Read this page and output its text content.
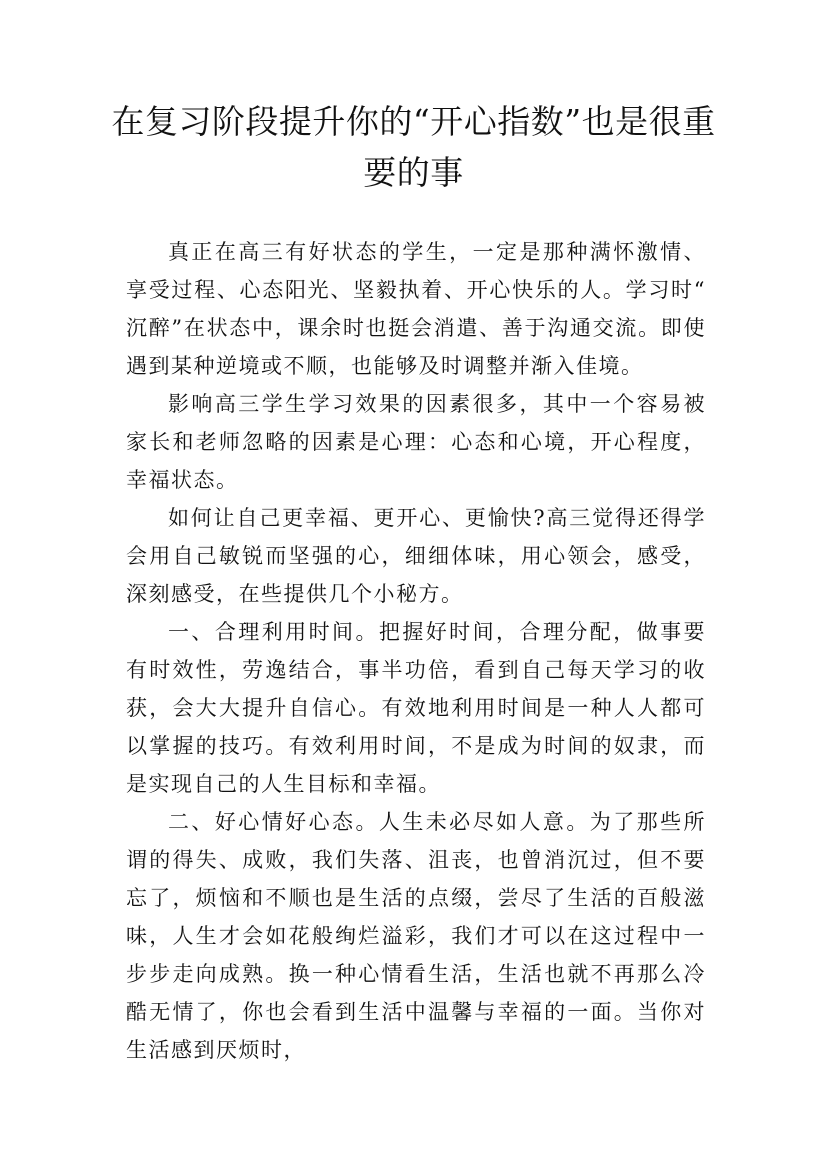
在复习阶段提升你的“开心指数”也是很重要的事

真正在高三有好状态的学生，一定是那种满怀激情、享受过程、心态阳光、坚毅执着、开心快乐的人。学习时“沉醉”在状态中，课余时也挺会消遣、善于沟通交流。即使遇到某种逆境或不顺，也能够及时调整并渐入佳境。

影响高三学生学习效果的因素很多，其中一个容易被家长和老师忽略的因素是心理：心态和心境，开心程度，幸福状态。

如何让自己更幸福、更开心、更愉快?高三觉得还得学会用自己敏锐而坚强的心，细细体味，用心领会，感受，深刻感受，在些提供几个小秘方。

一、合理利用时间。把握好时间，合理分配，做事要有时效性，劳逸结合，事半功倍，看到自己每天学习的收获，会大大提升自信心。有效地利用时间是一种人人都可以掌握的技巧。有效利用时间，不是成为时间的奴隶，而是实现自己的人生目标和幸福。

二、好心情好心态。人生未必尽如人意。为了那些所谓的得失、成败，我们失落、沮丧，也曾消沉过，但不要忘了，烦恼和不顺也是生活的点缀，尝尽了生活的百般滋味，人生才会如花般绚烂溢彩，我们才可以在这过程中一步步走向成熟。换一种心情看生活，生活也就不再那么冷酷无情了，你也会看到生活中温馨与幸福的一面。当你对生活感到厌烦时，
